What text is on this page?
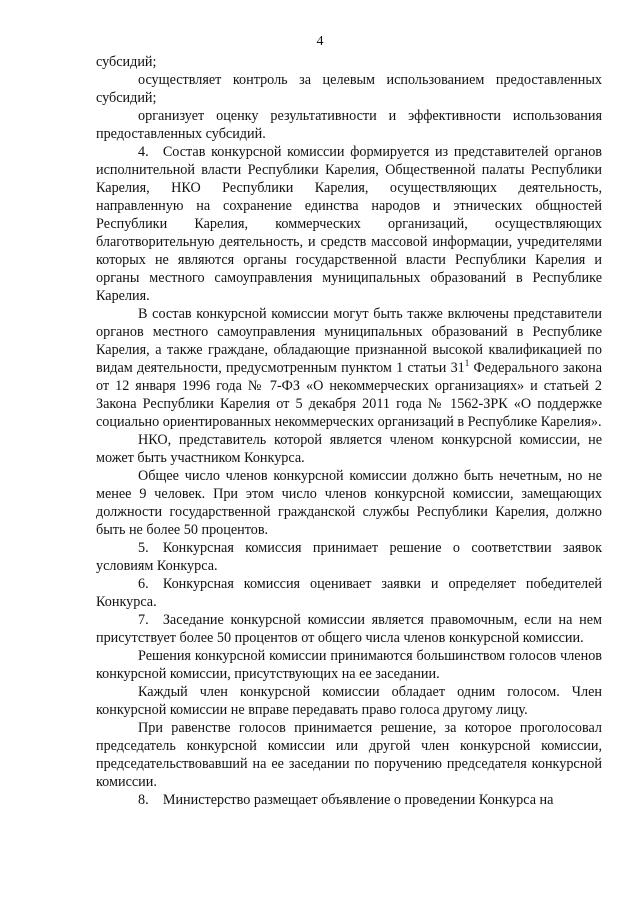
4

субсидий;

осуществляет контроль за целевым использованием предоставленных субсидий;

организует оценку результативности и эффективности использования предоставленных субсидий.

4. Состав конкурсной комиссии формируется из представителей органов исполнительной власти Республики Карелия, Общественной палаты Республики Карелия, НКО Республики Карелия, осуществляющих деятельность, направленную на сохранение единства народов и этнических общностей Республики Карелия, коммерческих организаций, осуществляющих благотворительную деятельность, и средств массовой информации, учредителями которых не являются органы государственной власти Республики Карелия и органы местного самоуправления муниципальных образований в Республике Карелия.

В состав конкурсной комиссии могут быть также включены представители органов местного самоуправления муниципальных образований в Республике Карелия, а также граждане, обладающие признанной высокой квалификацией по видам деятельности, предусмотренным пунктом 1 статьи $31^1$ Федерального закона от 12 января 1996 года № 7-ФЗ «О некоммерческих организациях» и статьей 2 Закона Республики Карелия от 5 декабря 2011 года № 1562-ЗРК «О поддержке социально ориентированных некоммерческих организаций в Республике Карелия».

НКО, представитель которой является членом конкурсной комиссии, не может быть участником Конкурса.

Общее число членов конкурсной комиссии должно быть нечетным, но не менее 9 человек. При этом число членов конкурсной комиссии, замещающих должности государственной гражданской службы Республики Карелия, должно быть не более 50 процентов.

5. Конкурсная комиссия принимает решение о соответствии заявок условиям Конкурса.

6. Конкурсная комиссия оценивает заявки и определяет победителей Конкурса.

7. Заседание конкурсной комиссии является правомочным, если на нем присутствует более 50 процентов от общего числа членов конкурсной комиссии.

Решения конкурсной комиссии принимаются большинством голосов членов конкурсной комиссии, присутствующих на ее заседании.

Каждый член конкурсной комиссии обладает одним голосом. Член конкурсной комиссии не вправе передавать право голоса другому лицу.

При равенстве голосов принимается решение, за которое проголосовал председатель конкурсной комиссии или другой член конкурсной комиссии, председательствовавший на ее заседании по поручению председателя конкурсной комиссии.

8. Министерство размещает объявление о проведении Конкурса на
